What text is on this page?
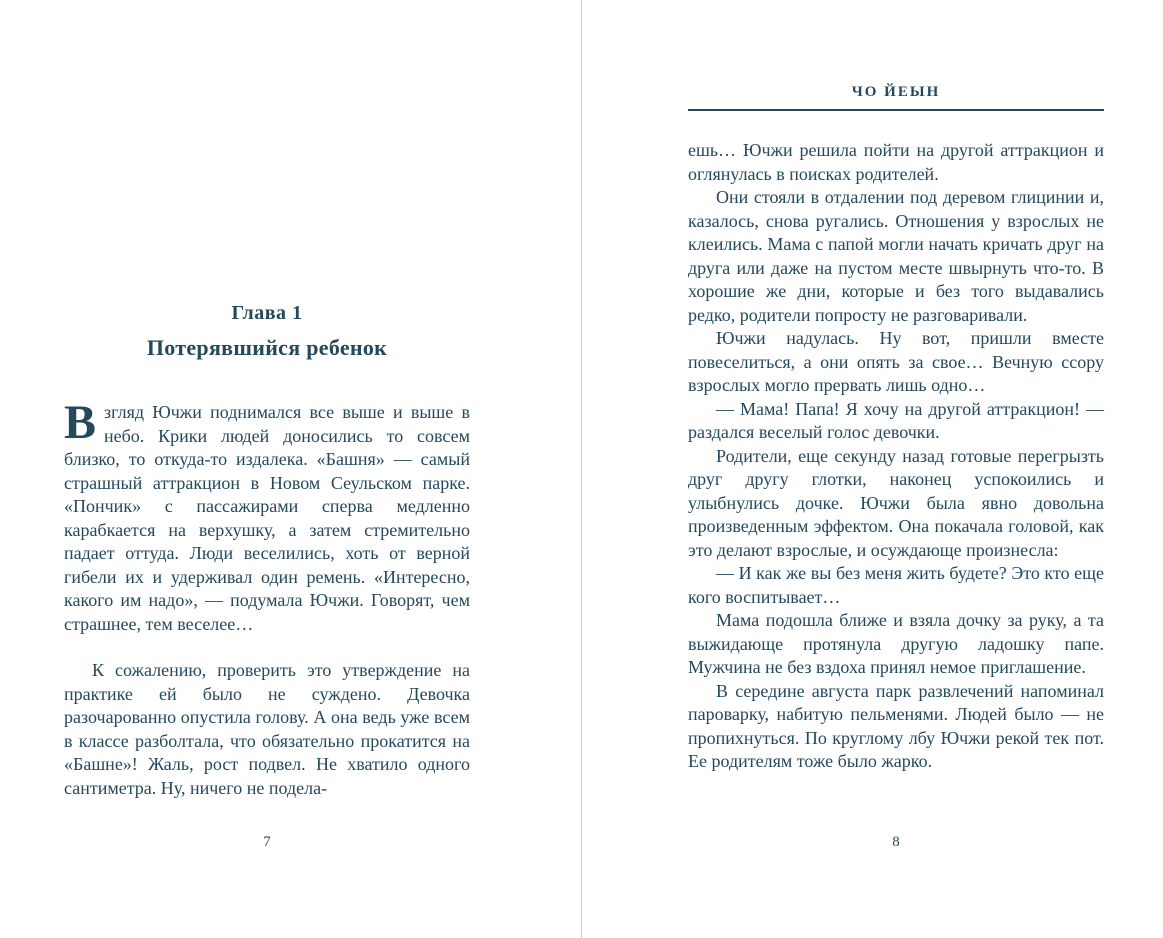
Глава 1
Потерявшийся ребенок

Взгляд Ючжи поднимался все выше и выше в небо. Крики людей доносились то совсем близко, то откуда-то издалека. «Башня» — самый страшный аттракцион в Новом Сеульском парке. «Пончик» с пассажирами сперва медленно карабкается на верхушку, а затем стремительно падает оттуда. Люди веселились, хоть от верной гибели их и удерживал один ремень. «Интересно, какого им надо», — подумала Ючжи. Говорят, чем страшнее, тем веселее…

К сожалению, проверить это утверждение на практике ей было не суждено. Девочка разочарованно опустила голову. А она ведь уже всем в классе разболтала, что обязательно прокатится на «Башне»! Жаль, рост подвел. Не хватило одного сантиметра. Ну, ничего не подела-

ЧО ЙЕЫН

ешь… Ючжи решила пойти на другой аттракцион и оглянулась в поисках родителей.

Они стояли в отдалении под деревом глицинии и, казалось, снова ругались. Отношения у взрослых не клеились. Мама с папой могли начать кричать друг на друга или даже на пустом месте швырнуть что-то. В хорошие же дни, которые и без того выдавались редко, родители попросту не разговаривали.

Ючжи надулась. Ну вот, пришли вместе повеселиться, а они опять за свое… Вечную ссору взрослых могло прервать лишь одно…

— Мама! Папа! Я хочу на другой аттракцион! — раздался веселый голос девочки.

Родители, еще секунду назад готовые перегрызть друг другу глотки, наконец успокоились и улыбнулись дочке. Ючжи была явно довольна произведенным эффектом. Она покачала головой, как это делают взрослые, и осуждающе произнесла:

— И как же вы без меня жить будете? Это кто еще кого воспитывает…

Мама подошла ближе и взяла дочку за руку, а та выжидающе протянула другую ладошку папе. Мужчина не без вздоха принял немое приглашение.

В середине августа парк развлечений напоминал пароварку, набитую пельменями. Людей было — не пропихнуться. По круглому лбу Ючжи рекой тек пот. Ее родителям тоже было жарко.

7	8
